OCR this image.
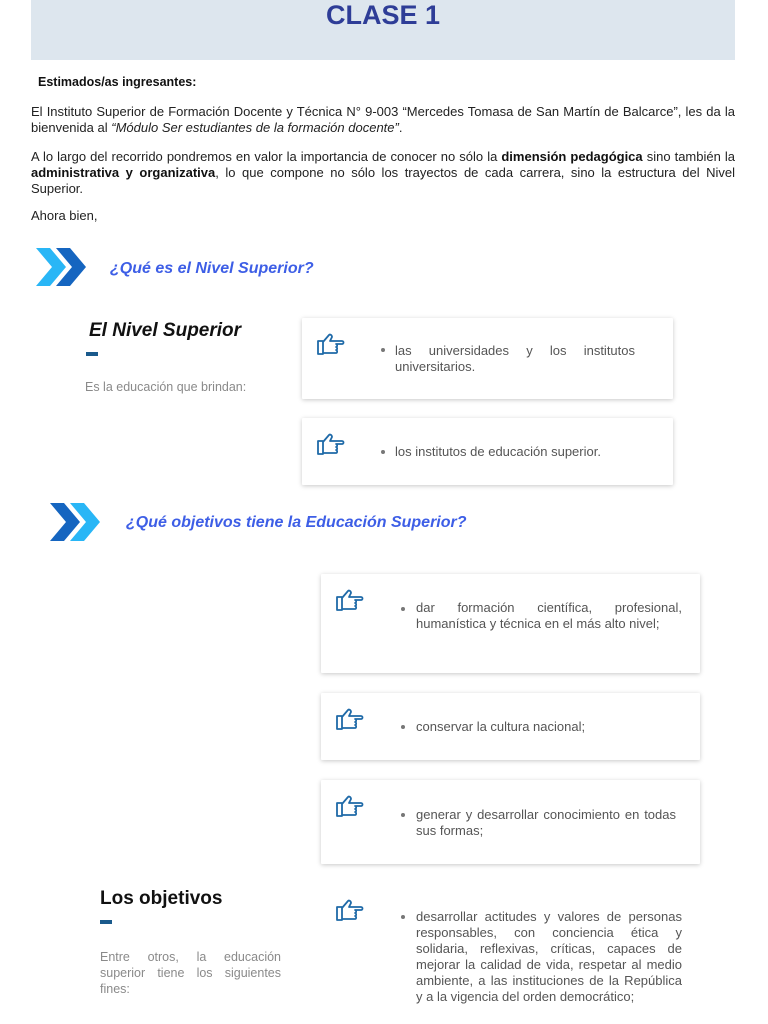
CLASE 1
Estimados/as ingresantes:

El Instituto Superior de Formación Docente y Técnica N° 9-003 “Mercedes Tomasa de San Martín de Balcarce”, les da la bienvenida al “Módulo Ser estudiantes de la formación docente”.

A lo largo del recorrido pondremos en valor la importancia de conocer no sólo la dimensión pedagógica sino también la administrativa y organizativa, lo que compone no sólo los trayectos de cada carrera, sino la estructura del Nivel Superior.

Ahora bien,

¿Qué es el Nivel Superior?
El Nivel Superior

Es la educación que brindan:

las universidades y los institutos universitarios.

los institutos de educación superior.

¿Qué objetivos tiene la Educación Superior?

dar formación científica, profesional, humanística y técnica en el más alto nivel;

conservar la cultura nacional;

generar y desarrollar conocimiento en todas sus formas;

Los objetivos

Entre otros, la educación superior tiene los siguientes fines:

desarrollar actitudes y valores de personas responsables, con conciencia ética y solidaria, reflexivas, críticas, capaces de mejorar la calidad de vida, respetar al medio ambiente, a las instituciones de la República y a la vigencia del orden democrático;
